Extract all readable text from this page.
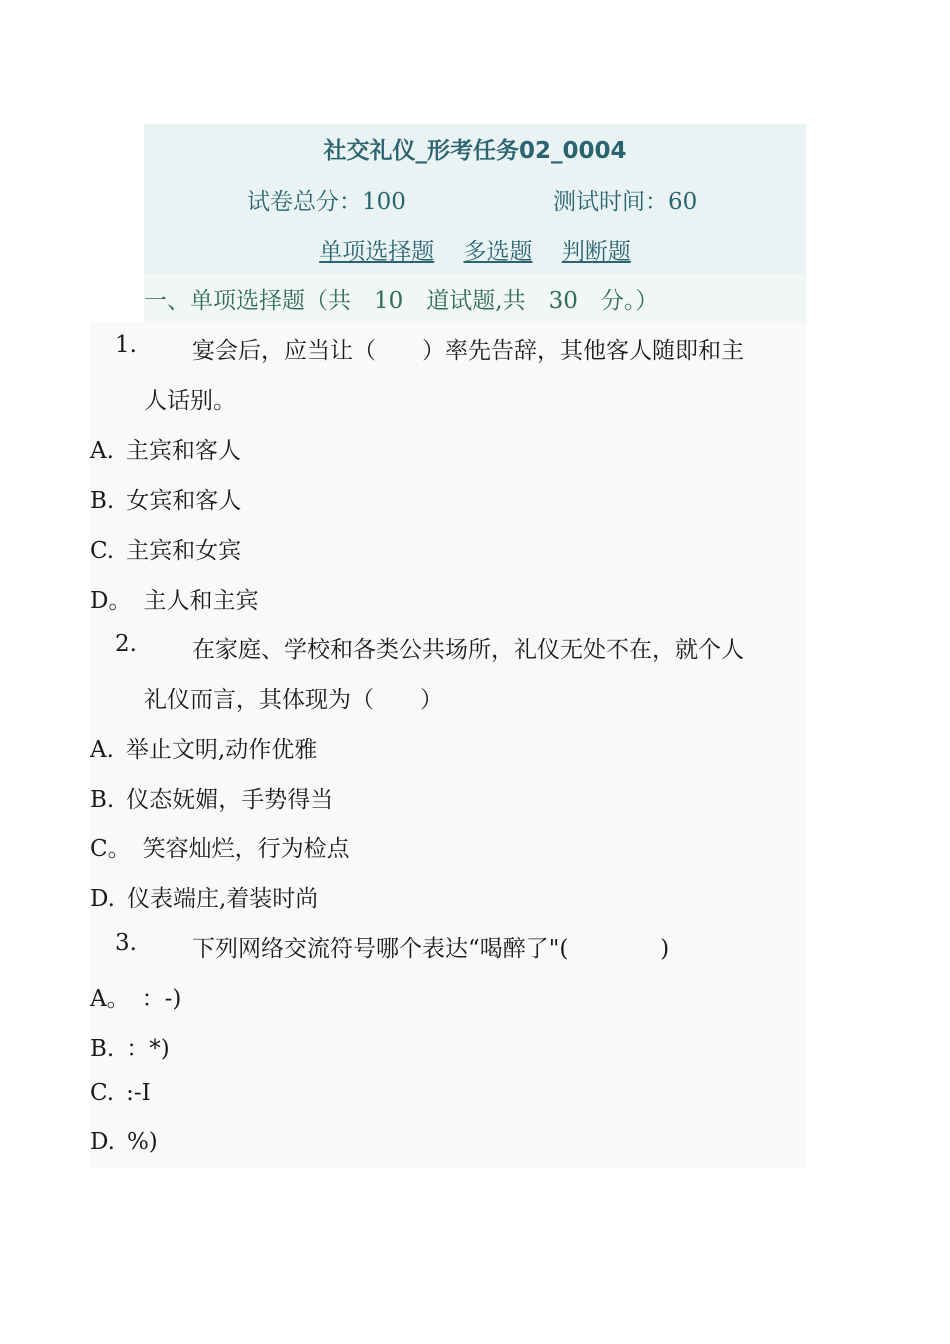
社交礼仪_形考任务02_0004
试卷总分：100	测试时间：60
单项选择题 多选题 判断题
一、单项选择题（共　10　道试题,共　30　分。）
1. 宴会后，应当让（　　）率先告辞，其他客人随即和主
人话别。
A. 主宾和客人
B. 女宾和客人
C. 主宾和女宾
D。 主人和主宾
2. 在家庭、学校和各类公共场所，礼仪无处不在，就个人
礼仪而言，其体现为（　　）
A. 举止文明,动作优雅
B. 仪态妩媚，手势得当
C。 笑容灿烂，行为检点
D. 仪表端庄,着装时尚
3. 下列网络交流符号哪个表达“喝醉了"(　　　　)
A。 ：-)
B. ：*)
C. :-I
D. %)
